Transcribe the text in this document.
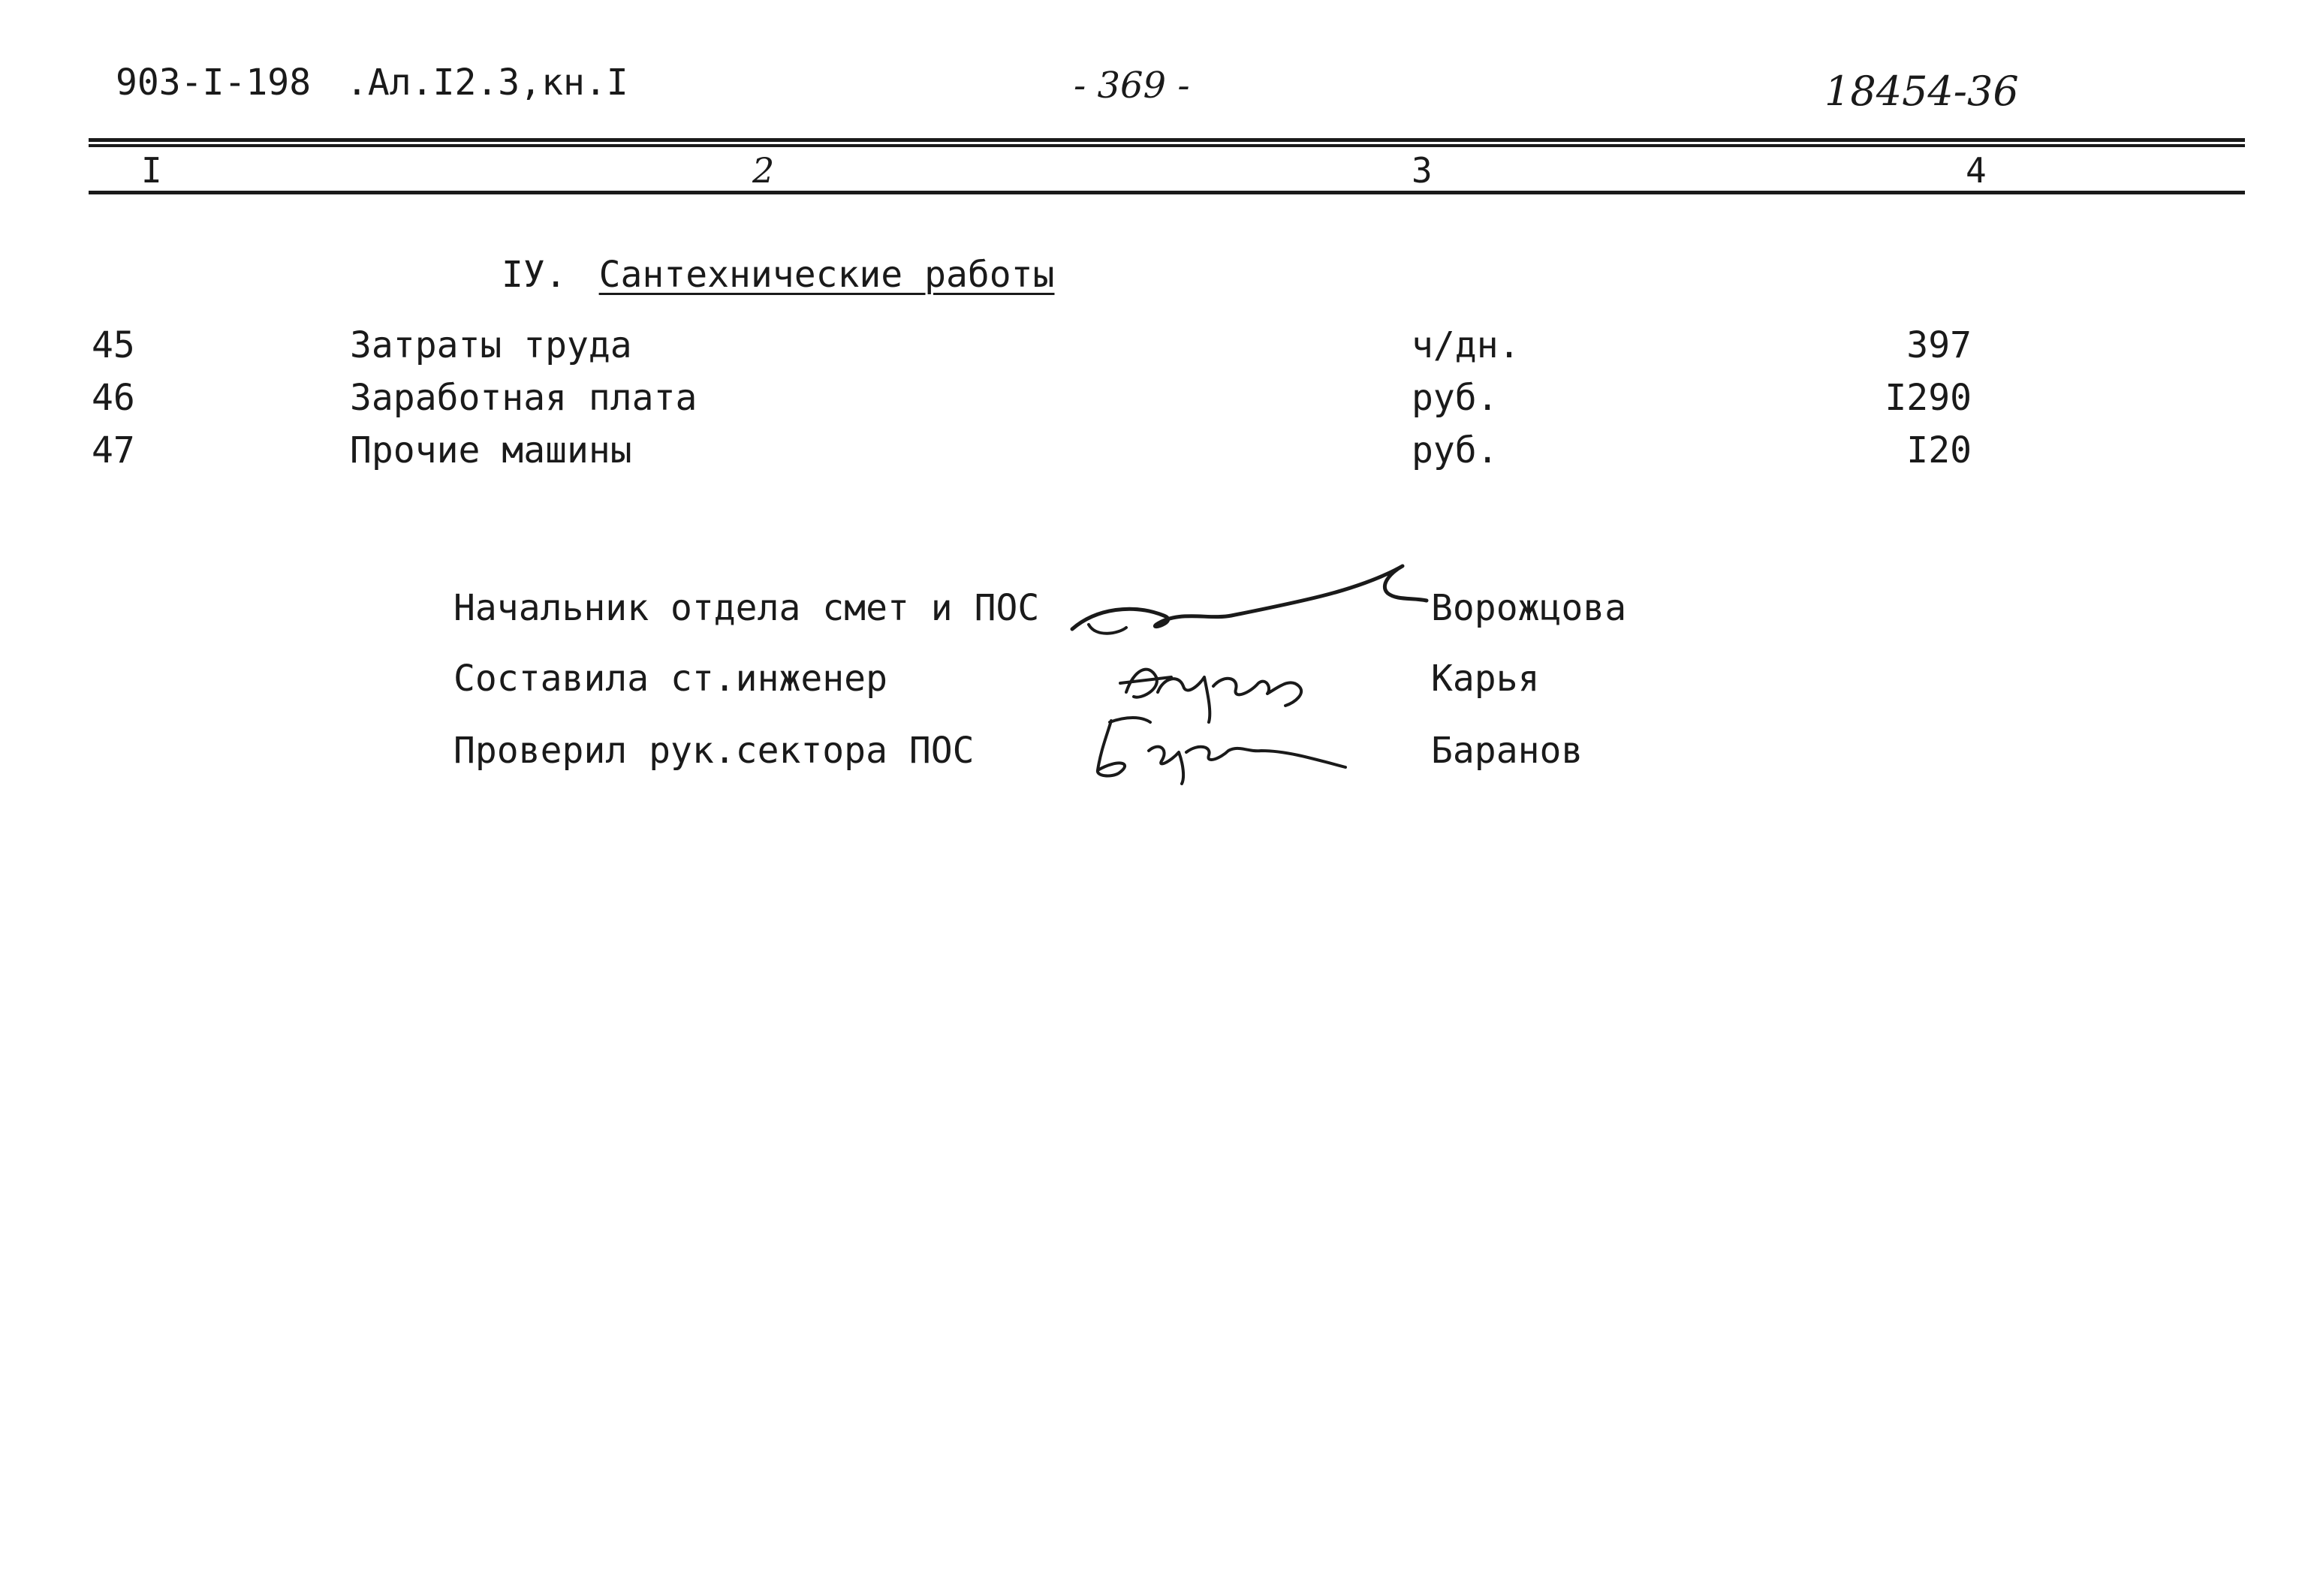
903-I-198 .Ал.I2.3,кн.I	- 369 -	18454-36
I	2	3	4
IУ. Сантехнические работы
45	Затраты труда	ч/дн.	397
46	Заработная плата	руб.	I290
47	Прочие машины	руб.	I20
Начальник отдела смет и ПОС	Ворожцова
Составила ст.инженер	Карья
Проверил рук.сектора ПОС	Баранов
